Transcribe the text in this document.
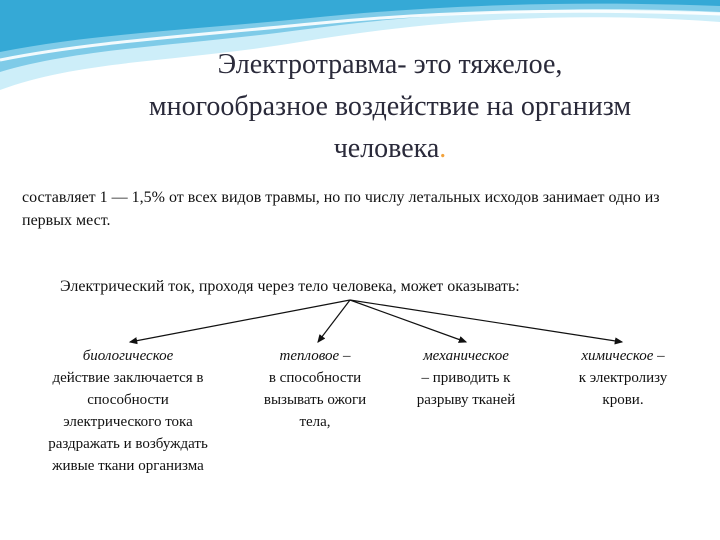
Электротравма- это тяжелое,
многообразное воздействие на организм
человека.
составляет 1 — 1,5% от всех видов травмы, но по числу летальных исходов занимает одно из первых мест.
Электрический ток, проходя через тело человека, может оказывать:
биологическое
действие заключается в способности электрического тока раздражать и возбуждать живые ткани организма
тепловое –
в способности вызывать ожоги тела,
механическое
– приводить к разрыву тканей
химическое –
к электролизу крови.
